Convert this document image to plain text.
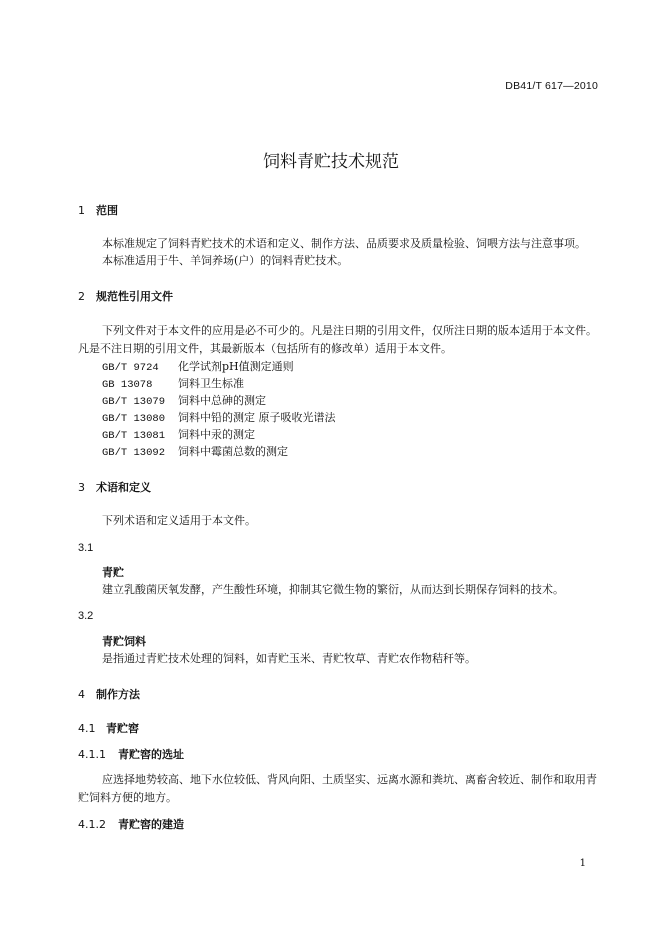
DB41/T 617—2010
饲料青贮技术规范
1 范围
本标准规定了饲料青贮技术的术语和定义、制作方法、品质要求及质量检验、饲喂方法与注意事项。
本标准适用于牛、羊饲养场(户）的饲料青贮技术。
2 规范性引用文件
下列文件对于本文件的应用是必不可少的。凡是注日期的引用文件，仅所注日期的版本适用于本文件。凡是不注日期的引用文件，其最新版本（包括所有的修改单）适用于本文件。
GB/T 9724 化学试剂pH值测定通则
GB 13078 饲料卫生标准
GB/T 13079 饲料中总砷的测定
GB/T 13080 饲料中铅的测定 原子吸收光谱法
GB/T 13081 饲料中汞的测定
GB/T 13092 饲料中霉菌总数的测定
3 术语和定义
下列术语和定义适用于本文件。
3.1
青贮
建立乳酸菌厌氧发酵，产生酸性环境，抑制其它微生物的繁衍，从而达到长期保存饲料的技术。
3.2
青贮饲料
是指通过青贮技术处理的饲料，如青贮玉米、青贮牧草、青贮农作物秸秆等。
4 制作方法
4.1 青贮窖
4.1.1 青贮窖的选址
应选择地势较高、地下水位较低、背风向阳、土质坚实、远离水源和粪坑、离畜舍较近、制作和取用青贮饲料方便的地方。
4.1.2 青贮窖的建造
1
